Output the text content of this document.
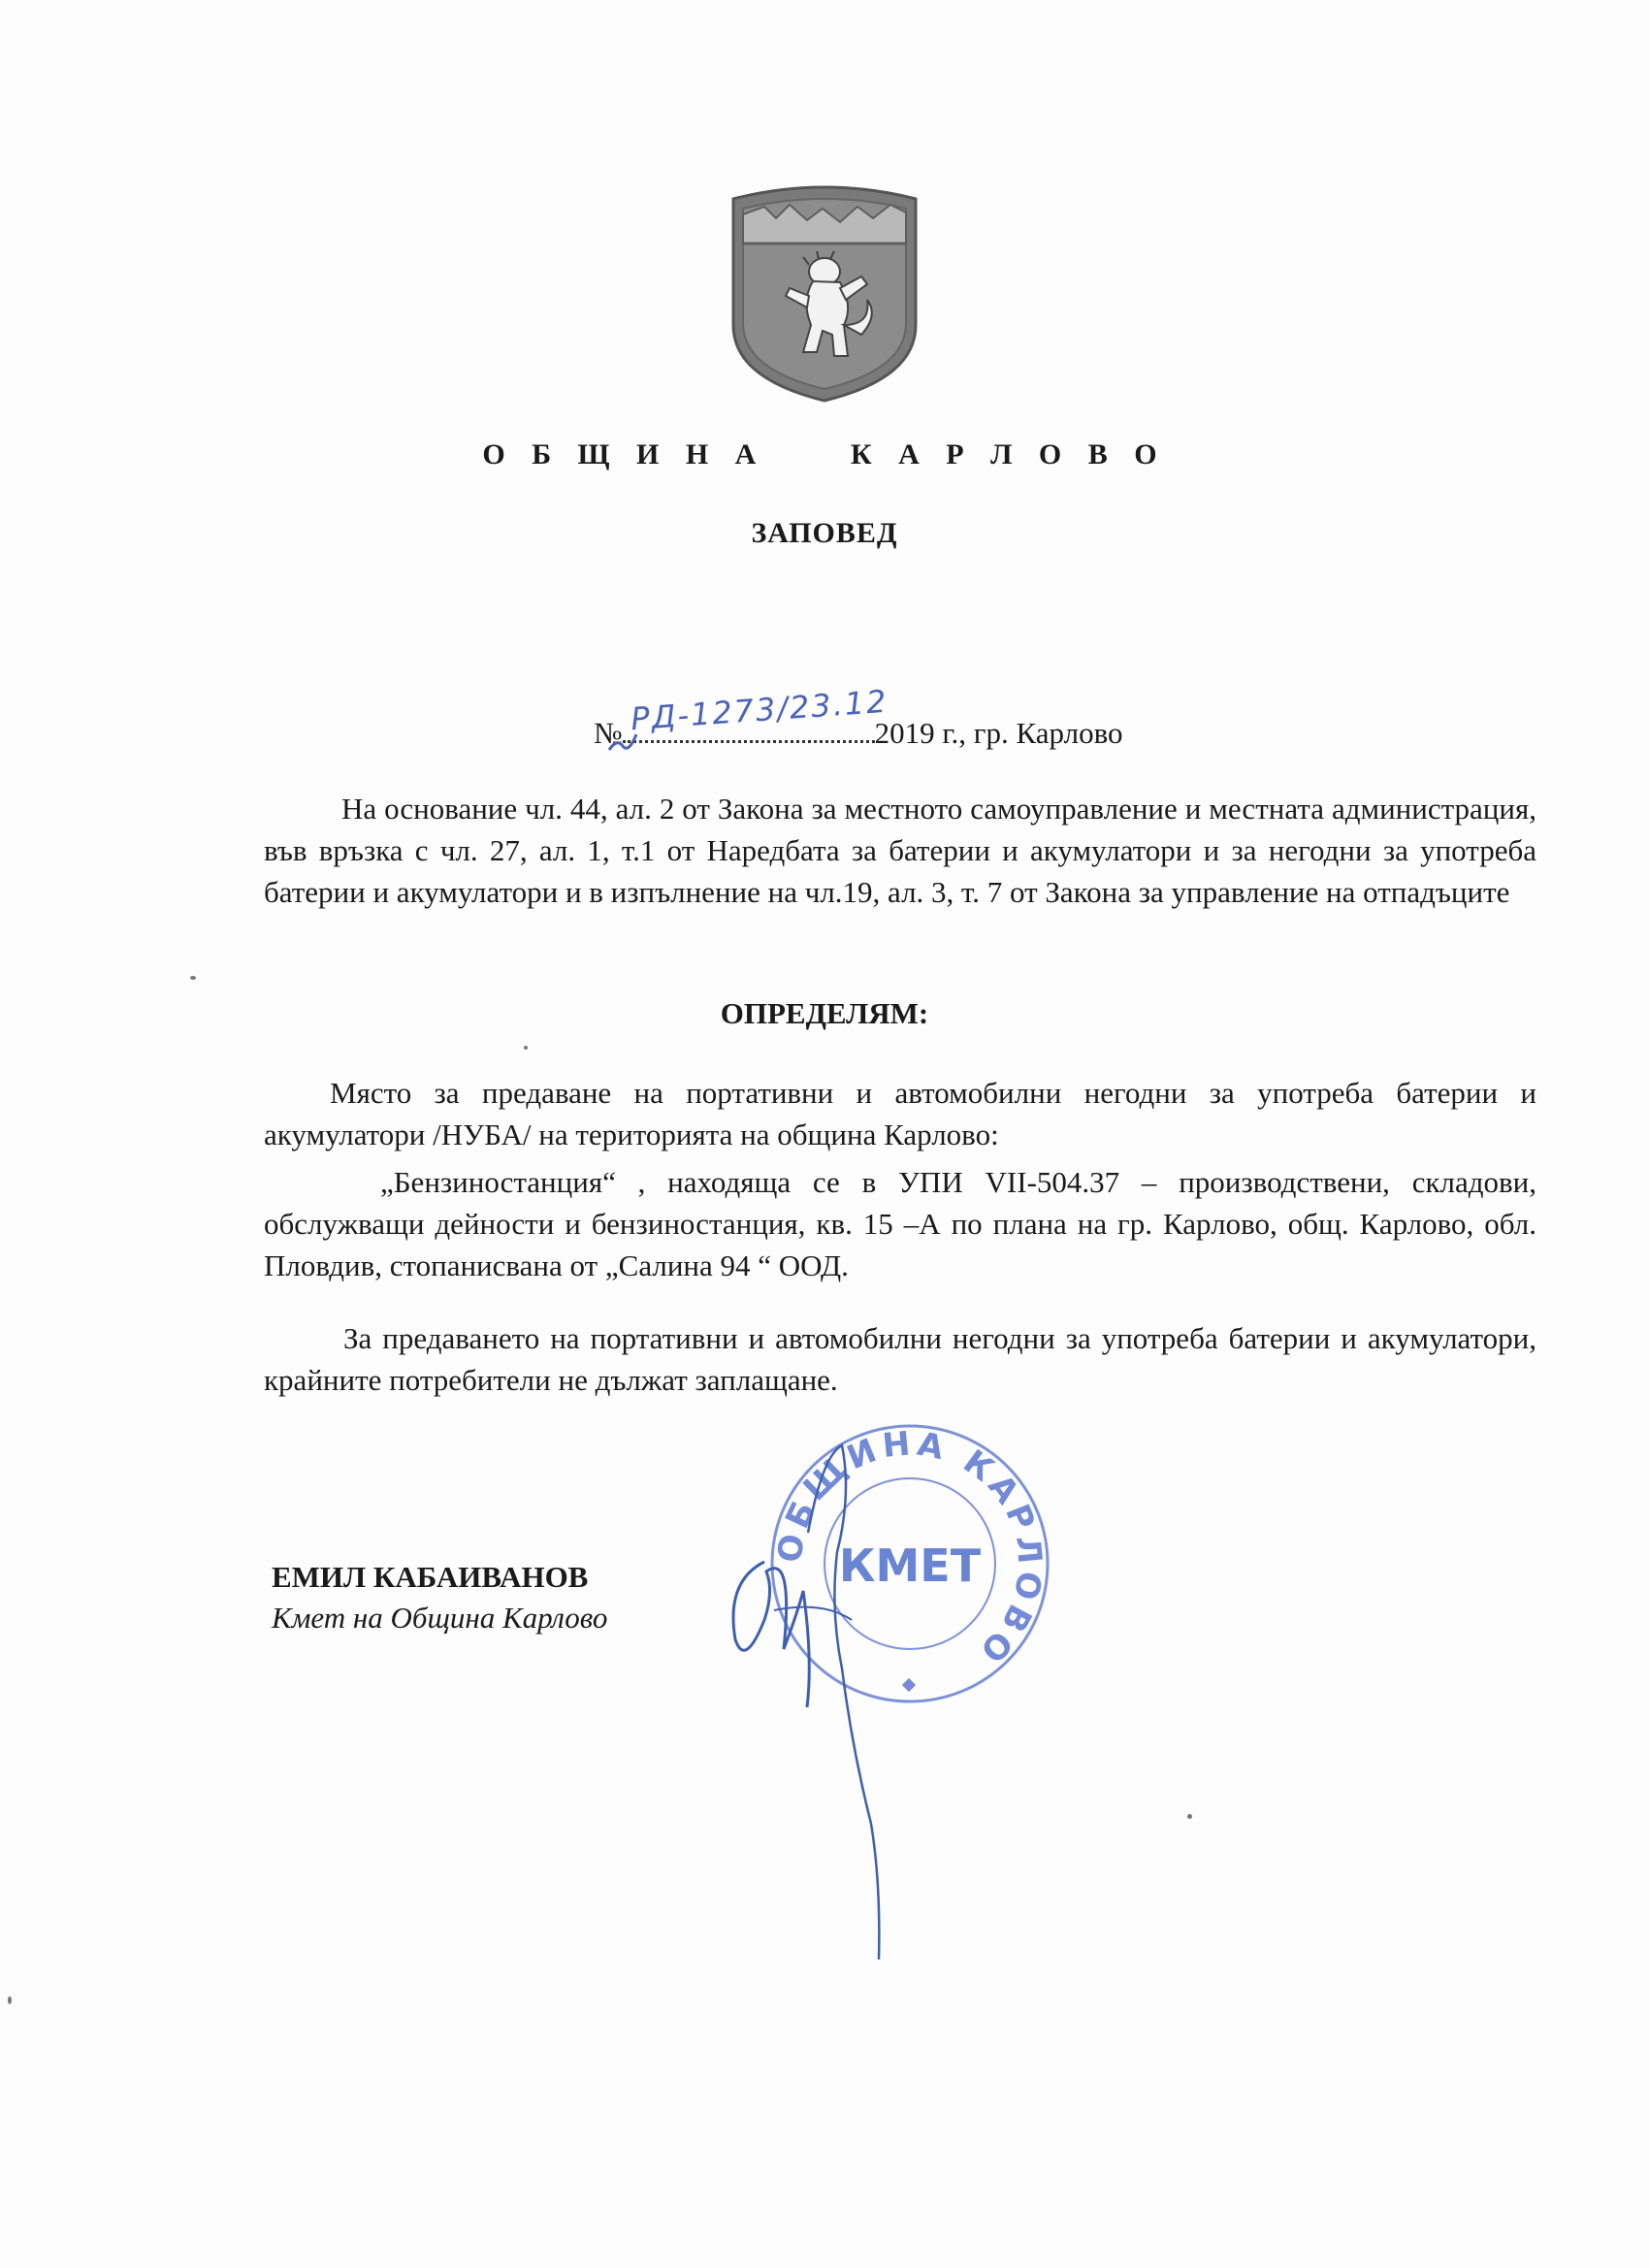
О Б Щ И Н А     К А Р Л О В О
ЗАПОВЕД
№ РД-1273/23.12
2019 г., гр. Карлово

На основание чл. 44, ал. 2 от Закона за местното самоуправление и местната администрация, във връзка с чл. 27, ал. 1, т.1 от Наредбата за батерии и акумулатори и за негодни за употреба батерии и акумулатори и в изпълнение на чл.19, ал. 3, т. 7 от Закона за управление на отпадъците

ОПРЕДЕЛЯМ:

Място за предаване на портативни и автомобилни негодни за употреба батерии и акумулатори /НУБА/ на територията на община Карлово:

„Бензиностанция“ , находяща се в УПИ VІІ-504.37 – производствени, складови, обслужващи дейности и бензиностанция, кв. 15 –А по плана на гр. Карлово, общ. Карлово, обл. Пловдив, стопанисвана от „Салина 94 “ ООД.

За предаването на портативни и автомобилни негодни за употреба батерии и акумулатори, крайните потребители не дължат заплащане.

ЕМИЛ КАБАИВАНОВ
Кмет на Община Карлово
ОБЩИНА КАРЛОВО
КМЕТ
